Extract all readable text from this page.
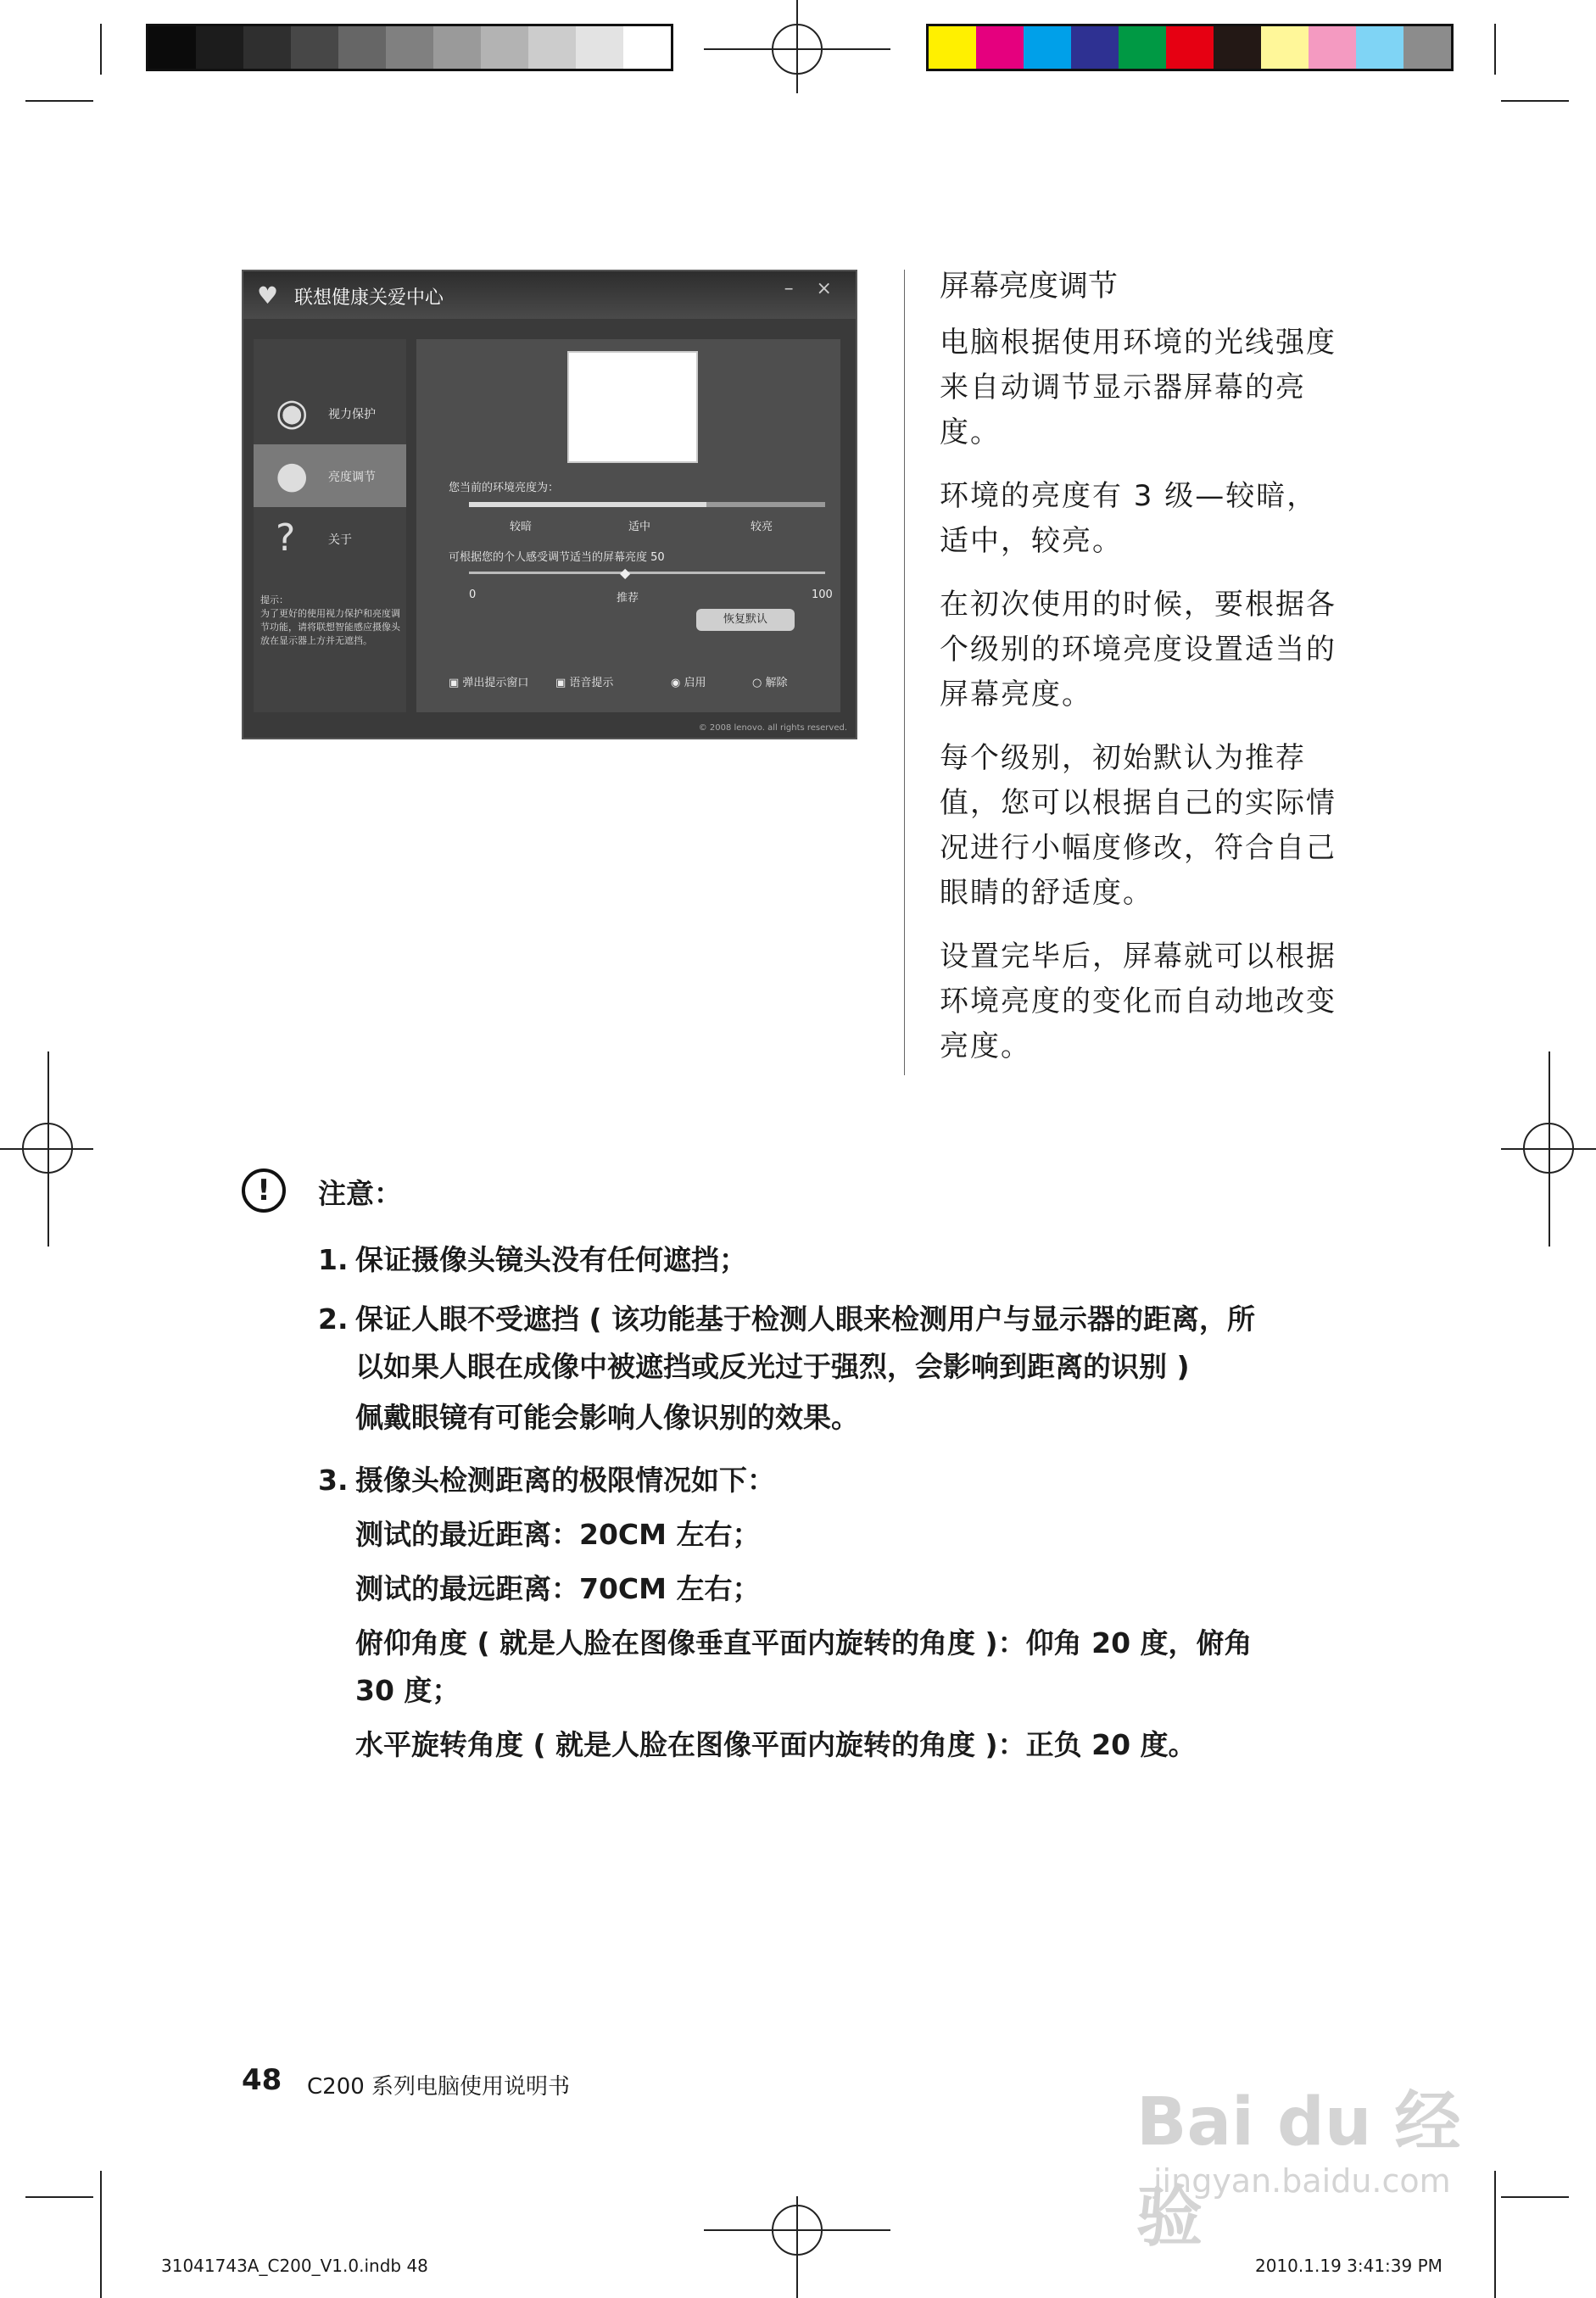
♥ 联想健康关爱中心	– ×
◉ 视力保护
● 亮度调节
?	关于
提示：
为了更好的使用视力保护和亮度调节功能，请将联想智能感应摄像头放在显示器上方并无遮挡。
您当前的环境亮度为：
较暗	适中	较亮
可根据您的个人感受调节适当的屏幕亮度 50
◆
0	推荐	100
恢复默认
▣ 弹出提示窗口 ▣ 语音提示	◉ 启用	○ 解除
© 2008 lenovo. all rights reserved.
屏幕亮度调节

电脑根据使用环境的光线强度来自动调节显示器屏幕的亮度。

环境的亮度有 3 级—较暗，适中，较亮。

在初次使用的时候，要根据各个级别的环境亮度设置适当的屏幕亮度。

每个级别，初始默认为推荐值，您可以根据自己的实际情况进行小幅度修改，符合自己眼睛的舒适度。

设置完毕后，屏幕就可以根据环境亮度的变化而自动地改变亮度。

!	注意：
1. 保证摄像头镜头没有任何遮挡；
2. 保证人眼不受遮挡 ( 该功能基于检测人眼来检测用户与显示器的距离，所
以如果人眼在成像中被遮挡或反光过于强烈，会影响到距离的识别 )
佩戴眼镜有可能会影响人像识别的效果。
3. 摄像头检测距离的极限情况如下：
测试的最近距离：20CM 左右；
测试的最远距离：70CM 左右；
俯仰角度 ( 就是人脸在图像垂直平面内旋转的角度 )：仰角 20 度，俯角
30 度；
水平旋转角度 ( 就是人脸在图像平面内旋转的角度 )：正负 20 度。
48 C200 系列电脑使用说明书
31041743A_C200_V1.0.indb 48	2010.1.19 3:41:39 PM
Bai du 经验
jingyan.baidu.com
